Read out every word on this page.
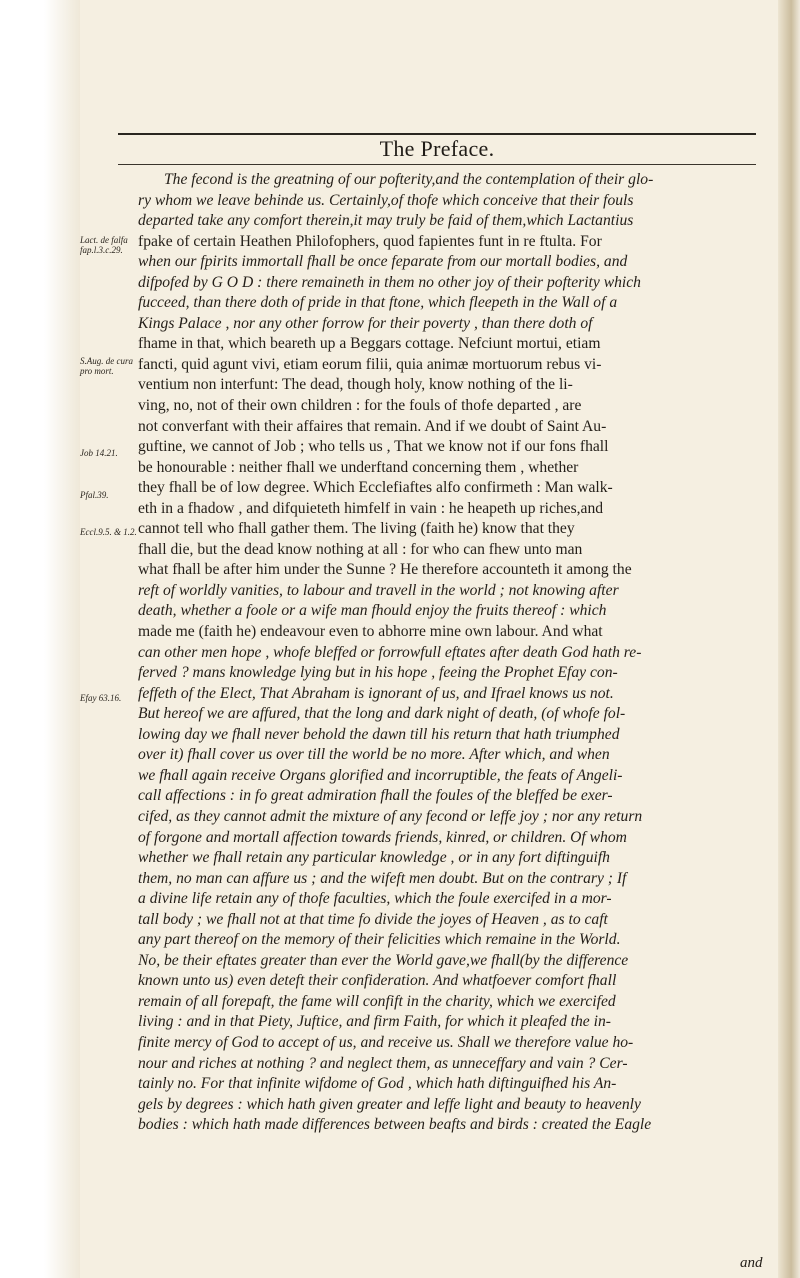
The Preface.
Lact. de falfa fap.l.3.c.29.
S.Aug. de cura pro mort.
Job 14.21.
Pfal.39.
Eccl.9.5. & 1.2.
Efay 63.16.
The fecond is the greatning of our pofterity,and the contemplation of their glo-
ry whom we leave behinde us. Certainly,of thofe which conceive that their fouls
departed take any comfort therein,it may truly be faid of them,which Lactantius
fpake of certain Heathen Philofophers, quod fapientes funt in re ftulta. For
when our fpirits immortall fhall be once feparate from our mortall bodies, and
difpofed by G O D : there remaineth in them no other joy of their pofterity which
fucceed, than there doth of pride in that ftone, which fleepeth in the Wall of a
Kings Palace , nor any other forrow for their poverty , than there doth of
fhame in that, which beareth up a Beggars cottage. Nefciunt mortui, etiam
fancti, quid agunt vivi, etiam eorum filii, quia animæ mortuorum rebus vi-
ventium non interfunt: The dead, though holy, know nothing of the li-
ving, no, not of their own children : for the fouls of thofe departed , are
not converfant with their affaires that remain. And if we doubt of Saint Au-
guftine, we cannot of Job ; who tells us , That we know not if our fons fhall
be honourable : neither fhall we underftand concerning them , whether
they fhall be of low degree. Which Ecclefiaftes alfo confirmeth : Man walk-
eth in a fhadow , and difquieteth himfelf in vain : he heapeth up riches,and
cannot tell who fhall gather them. The living (faith he) know that they
fhall die, but the dead know nothing at all : for who can fhew unto man
what fhall be after him under the Sunne ? He therefore accounteth it among the
reft of worldly vanities, to labour and travell in the world ; not knowing after
death, whether a foole or a wife man fhould enjoy the fruits thereof : which
made me (faith he) endeavour even to abhorre mine own labour. And what
can other men hope , whofe bleffed or forrowfull eftates after death God hath re-
ferved ? mans knowledge lying but in his hope , feeing the Prophet Efay con-
feffeth of the Elect, That Abraham is ignorant of us, and Ifrael knows us not.
But hereof we are affured, that the long and dark night of death, (of whofe fol-
lowing day we fhall never behold the dawn till his return that hath triumphed
over it) fhall cover us over till the world be no more. After which, and when
we fhall again receive Organs glorified and incorruptible, the feats of Angeli-
call affections : in fo great admiration fhall the foules of the bleffed be exer-
cifed, as they cannot admit the mixture of any fecond or leffe joy ; nor any return
of forgone and mortall affection towards friends, kinred, or children. Of whom
whether we fhall retain any particular knowledge , or in any fort diftinguifh
them, no man can affure us ; and the wifeft men doubt. But on the contrary ; If
a divine life retain any of thofe faculties, which the foule exercifed in a mor-
tall body ; we fhall not at that time fo divide the joyes of Heaven , as to caft
any part thereof on the memory of their felicities which remaine in the World.
No, be their eftates greater than ever the World gave,we fhall(by the difference
known unto us) even deteft their confideration. And whatfoever comfort fhall
remain of all forepaft, the fame will confift in the charity, which we exercifed
living : and in that Piety, Juftice, and firm Faith, for which it pleafed the in-
finite mercy of God to accept of us, and receive us. Shall we therefore value ho-
nour and riches at nothing ? and neglect them, as unneceffary and vain ? Cer-
tainly no. For that infinite wifdome of God , which hath diftinguifhed his An-
gels by degrees : which hath given greater and leffe light and beauty to heavenly
bodies : which hath made differences between beafts and birds : created the Eagle
and
